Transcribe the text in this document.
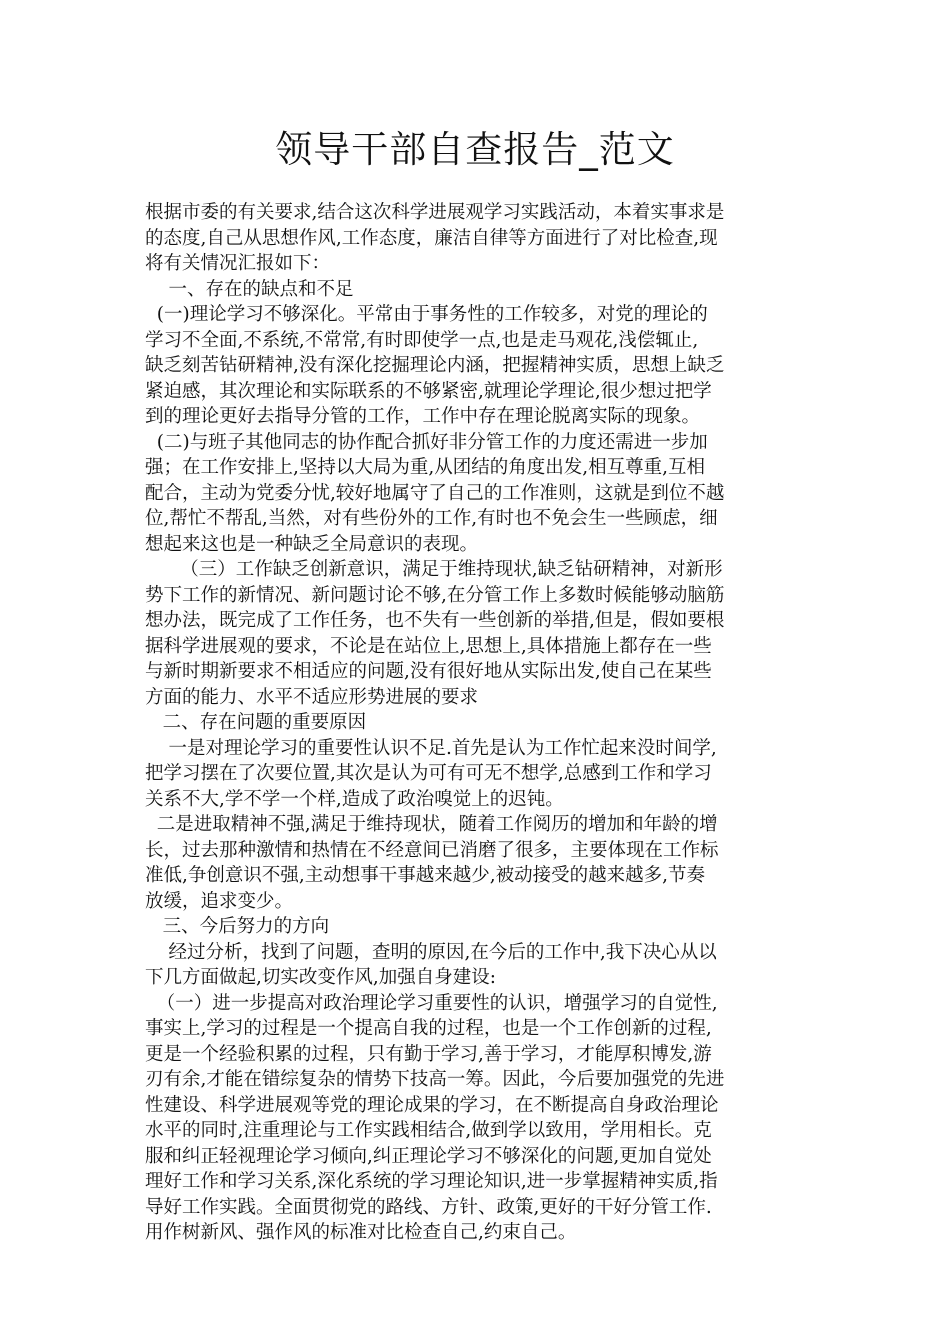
领导干部自查报告_范文
根据市委的有关要求,结合这次科学进展观学习实践活动，本着实事求是
的态度,自己从思想作风,工作态度，廉洁自律等方面进行了对比检查,现
将有关情况汇报如下：
一、存在的缺点和不足
(一)理论学习不够深化。平常由于事务性的工作较多，对党的理论的
学习不全面,不系统,不常常,有时即使学一点,也是走马观花,浅偿辄止,
缺乏刻苦钻研精神,没有深化挖掘理论内涵，把握精神实质，思想上缺乏
紧迫感，其次理论和实际联系的不够紧密,就理论学理论,很少想过把学
到的理论更好去指导分管的工作，工作中存在理论脱离实际的现象。
(二)与班子其他同志的协作配合抓好非分管工作的力度还需进一步加
强；在工作安排上,坚持以大局为重,从团结的角度出发,相互尊重,互相
配合，主动为党委分忧,较好地属守了自己的工作准则，这就是到位不越
位,帮忙不帮乱,当然，对有些份外的工作,有时也不免会生一些顾虑，细
想起来这也是一种缺乏全局意识的表现。
（三）工作缺乏创新意识，满足于维持现状,缺乏钻研精神，对新形
势下工作的新情况、新问题讨论不够,在分管工作上多数时候能够动脑筋
想办法，既完成了工作任务，也不失有一些创新的举措,但是，假如要根
据科学进展观的要求，不论是在站位上,思想上,具体措施上都存在一些
与新时期新要求不相适应的问题,没有很好地从实际出发,使自己在某些
方面的能力、水平不适应形势进展的要求
二、存在问题的重要原因
一是对理论学习的重要性认识不足.首先是认为工作忙起来没时间学,
把学习摆在了次要位置,其次是认为可有可无不想学,总感到工作和学习
关系不大,学不学一个样,造成了政治嗅觉上的迟钝。
二是进取精神不强,满足于维持现状，随着工作阅历的增加和年龄的增
长，过去那种激情和热情在不经意间已消磨了很多，主要体现在工作标
准低,争创意识不强,主动想事干事越来越少,被动接受的越来越多,节奏
放缓，追求变少。
三、今后努力的方向
经过分析，找到了问题，查明的原因,在今后的工作中,我下决心从以
下几方面做起,切实改变作风,加强自身建设:
（一）进一步提高对政治理论学习重要性的认识，增强学习的自觉性,
事实上,学习的过程是一个提高自我的过程，也是一个工作创新的过程,
更是一个经验积累的过程，只有勤于学习,善于学习，才能厚积博发,游
刃有余,才能在错综复杂的情势下技高一筹。因此，今后要加强党的先进
性建设、科学进展观等党的理论成果的学习，在不断提高自身政治理论
水平的同时,注重理论与工作实践相结合,做到学以致用，学用相长。克
服和纠正轻视理论学习倾向,纠正理论学习不够深化的问题,更加自觉处
理好工作和学习关系,深化系统的学习理论知识,进一步掌握精神实质,指
导好工作实践。全面贯彻党的路线、方针、政策,更好的干好分管工作.
用作树新风、强作风的标准对比检查自己,约束自己。
